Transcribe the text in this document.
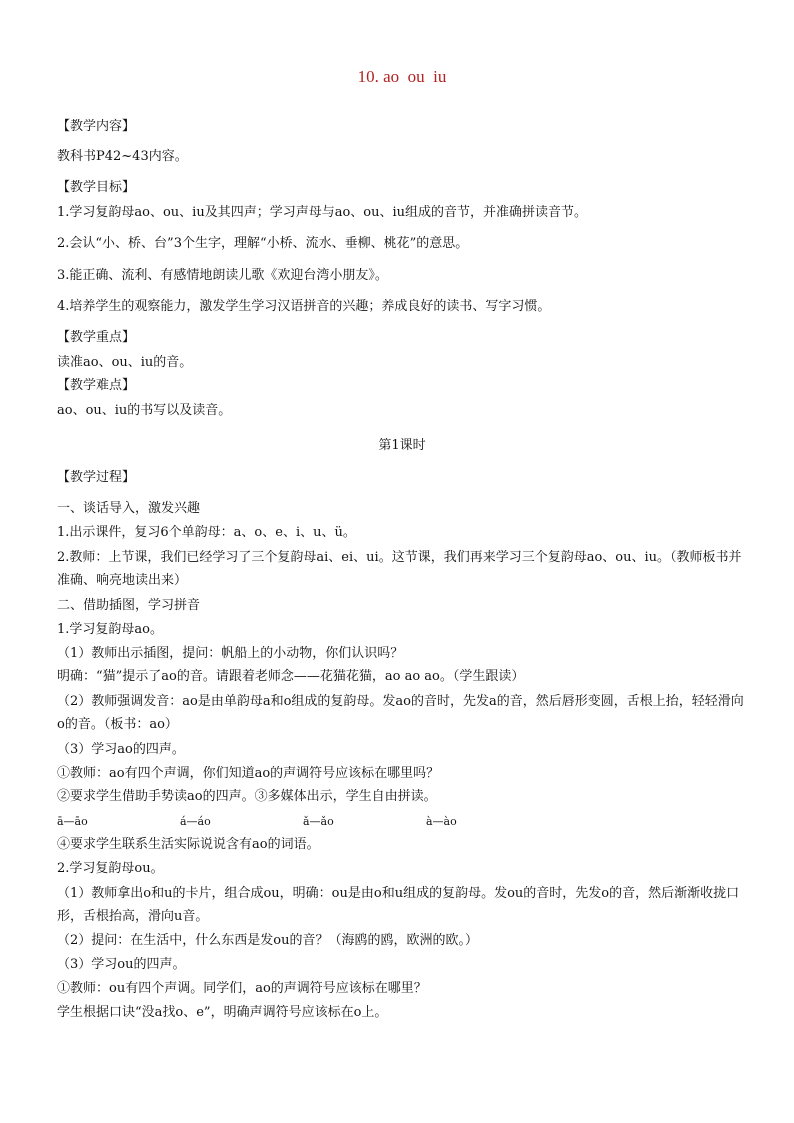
10. ao  ou  iu
【教学内容】
教科书P42~43内容。
【教学目标】
1.学习复韵母ao、ou、iu及其四声；学习声母与ao、ou、iu组成的音节，并准确拼读音节。
2.会认“小、桥、台”3个生字，理解“小桥、流水、垂柳、桃花”的意思。
3.能正确、流利、有感情地朗读儿歌《欢迎台湾小朋友》。
4.培养学生的观察能力，激发学生学习汉语拼音的兴趣；养成良好的读书、写字习惯。
【教学重点】
读准ao、ou、iu的音。
【教学难点】
ao、ou、iu的书写以及读音。
第1课时
【教学过程】
一、谈话导入，激发兴趣
1.出示课件，复习6个单韵母：a、o、e、i、u、ü。
2.教师：上节课，我们已经学习了三个复韵母ai、ei、ui。这节课，我们再来学习三个复韵母ao、ou、iu。（教师板书并准确、响亮地读出来）
二、借助插图，学习拼音
1.学习复韵母ao。
（1）教师出示插图，提问：帆船上的小动物，你们认识吗？
明确：“猫”提示了ao的音。请跟着老师念——花猫花猫，ao ao ao。（学生跟读）
（2）教师强调发音：ao是由单韵母a和o组成的复韵母。发ao的音时，先发a的音，然后唇形变圆，舌根上抬，轻轻滑向o的音。（板书：ao）
（3）学习ao的四声。
①教师：ao有四个声调，你们知道ao的声调符号应该标在哪里吗？
②要求学生借助手势读ao的四声。③多媒体出示，学生自由拼读。
ā—āo	á—áo	ǎ—ǎo	à—ào
④要求学生联系生活实际说说含有ao的词语。
2.学习复韵母ou。
（1）教师拿出o和u的卡片，组合成ou，明确：ou是由o和u组成的复韵母。发ou的音时，先发o的音，然后渐渐收拢口形，舌根抬高，滑向u音。
（2）提问：在生活中，什么东西是发ou的音？（海鸥的鸥，欧洲的欧。）
（3）学习ou的四声。
①教师：ou有四个声调。同学们，ao的声调符号应该标在哪里？
学生根据口诀“没a找o、e”，明确声调符号应该标在o上。
